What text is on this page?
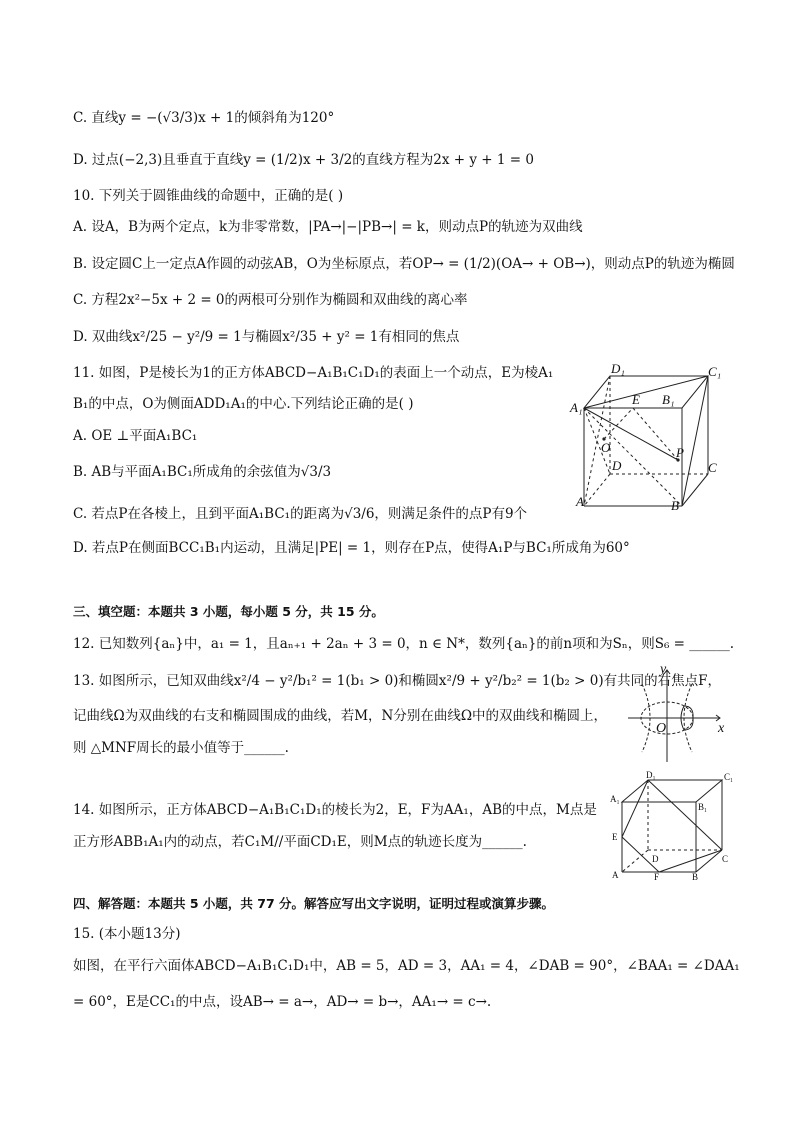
C. 直线y = −(√3/3)x + 1的倾斜角为120°
D. 过点(−2,3)且垂直于直线y = (1/2)x + 3/2的直线方程为2x + y + 1 = 0
10. 下列关于圆锥曲线的命题中，正确的是( )
A. 设A，B为两个定点，k为非零常数，|PA→|−|PB→| = k，则动点P的轨迹为双曲线
B. 设定圆C上一定点A作圆的动弦AB，O为坐标原点，若OP→ = (1/2)(OA→ + OB→)，则动点P的轨迹为椭圆
C. 方程2x²−5x + 2 = 0的两根可分别作为椭圆和双曲线的离心率
D. 双曲线x²/25 − y²/9 = 1与椭圆x²/35 + y² = 1有相同的焦点
11. 如图，P是棱长为1的正方体ABCD−A₁B₁C₁D₁的表面上一个动点，E为棱A₁
B₁的中点，O为侧面ADD₁A₁的中心.下列结论正确的是( )
A. OE ⊥平面A₁BC₁
B. AB与平面A₁BC₁所成角的余弦值为√3/3
C. 若点P在各棱上，且到平面A₁BC₁的距离为√3/6，则满足条件的点P有9个
D. 若点P在侧面BCC₁B₁内运动，且满足|PE| = 1，则存在P点，使得A₁P与BC₁所成角为60°
三、填空题：本题共 3 小题，每小题 5 分，共 15 分。
12. 已知数列{aₙ}中，a₁ = 1，且aₙ₊₁ + 2aₙ + 3 = 0，n ∈ N*，数列{aₙ}的前n项和为Sₙ，则S₆ = ______.
13. 如图所示，已知双曲线x²/4 − y²/b₁² = 1(b₁ > 0)和椭圆x²/9 + y²/b₂² = 1(b₂ > 0)有共同的右焦点F，
记曲线Ω为双曲线的右支和椭圆围成的曲线，若M，N分别在曲线Ω中的双曲线和椭圆上，
则 △MNF周长的最小值等于______.
14. 如图所示，正方体ABCD−A₁B₁C₁D₁的棱长为2，E，F为AA₁，AB的中点，M点是
正方形ABB₁A₁内的动点，若C₁M//平面CD₁E，则M点的轨迹长度为______.
四、解答题：本题共 5 小题，共 77 分。解答应写出文字说明，证明过程或演算步骤。
15. (本小题13分)
如图，在平行六面体ABCD−A₁B₁C₁D₁中，AB = 5，AD = 3，AA₁ = 4，∠DAB = 90°，∠BAA₁ = ∠DAA₁
= 60°，E是CC₁的中点，设AB→ = a→，AD→ = b→，AA₁→ = c→.
D₁	C₁
A₁
E B₁
O
D
P
C
A	B
y
x
O
D₁	C₁
A₁
B₁
E
D	C
A	F	B
